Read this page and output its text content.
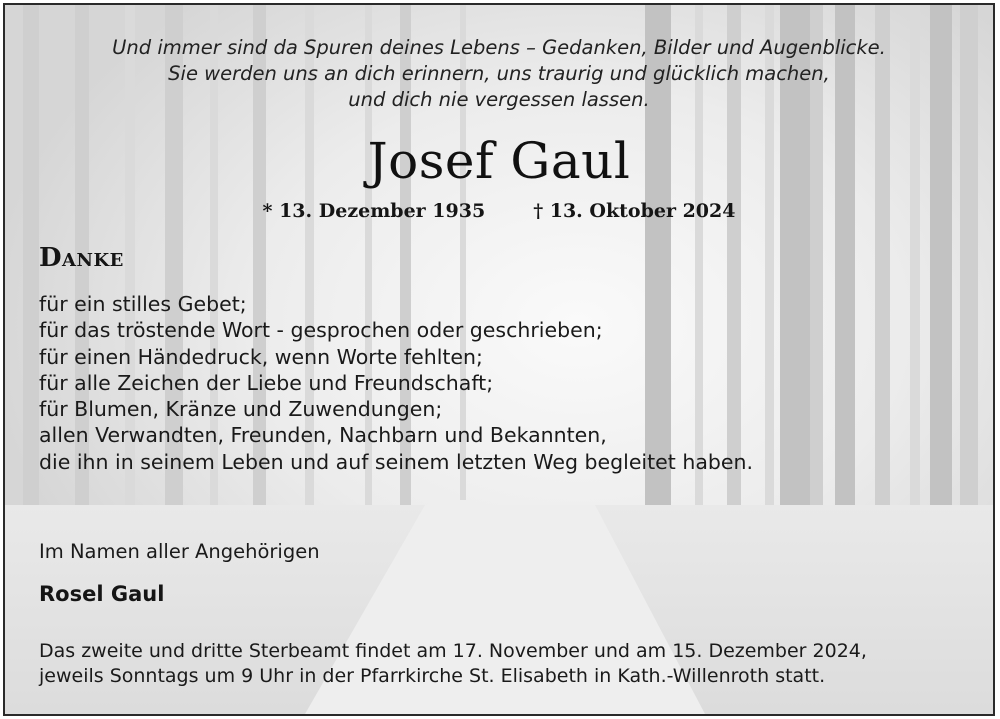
Und immer sind da Spuren deines Lebens – Gedanken, Bilder und Augenblicke.
Sie werden uns an dich erinnern, uns traurig und glücklich machen,
und dich nie vergessen lassen.
Josef Gaul
* 13. Dezember 1935	† 13. Oktober 2024
Danke
für ein stilles Gebet;
für das tröstende Wort - gesprochen oder geschrieben;
für einen Händedruck, wenn Worte fehlten;
für alle Zeichen der Liebe und Freundschaft;
für Blumen, Kränze und Zuwendungen;
allen Verwandten, Freunden, Nachbarn und Bekannten,
die ihn in seinem Leben und auf seinem letzten Weg begleitet haben.
Im Namen aller Angehörigen
Rosel Gaul
Das zweite und dritte Sterbeamt findet am 17. November und am 15. Dezember 2024,
jeweils Sonntags um 9 Uhr in der Pfarrkirche St. Elisabeth in Kath.-Willenroth statt.
